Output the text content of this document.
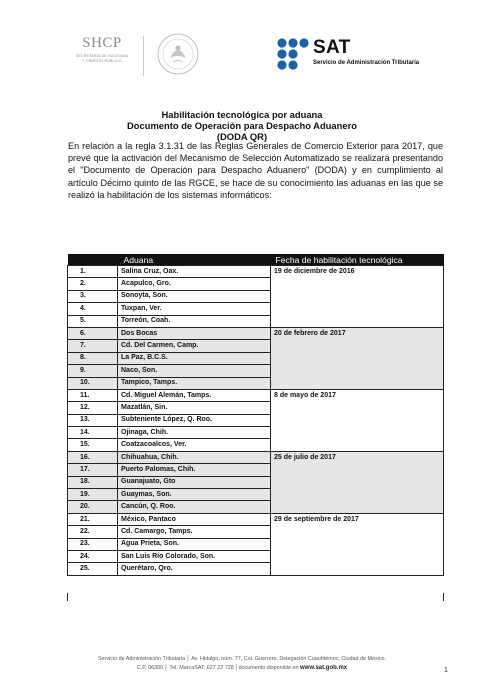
SHCP
SECRETARÍA DE HACIENDA
Y CRÉDITO PÚBLICO
SAT
Servicio de Administración Tributaria
Habilitación tecnológica por aduana
Documento de Operación para Despacho Aduanero
(DODA QR)
En relación a la regla 3.1.31 de las Reglas Generales de Comercio Exterior para 2017, que prevé que la activación del Mecanismo de Selección Automatizado se realizará presentando el "Documento de Operación para Despacho Aduanero" (DODA) y en cumplimiento al artículo Décimo quinto de las RGCE, se hace de su conocimiento las aduanas en las que se realizó la habilitación de los sistemas informáticos:
Aduana		Fecha de habilitación tecnológica
1.	Salina Cruz, Oax.	19 de diciembre de 2016
2.	Acapulco, Gro.	
3.	Sonoyta, Son.	
4.	Tuxpan, Ver.	
5.	Torreón, Coah.	
6.	Dos Bocas	20 de febrero de 2017
7.	Cd. Del Carmen, Camp.	
8.	La Paz, B.C.S.	
9.	Naco, Son.	
10.	Tampico, Tamps.	
11.	Cd. Miguel Alemán, Tamps.	8 de mayo de 2017
12.	Mazatlán, Sin.	
13.	Subteniente López, Q. Roo.	
14.	Ojinaga, Chih.	
15.	Coatzacoalcos, Ver.	
16.	Chihuahua, Chih.	25 de julio de 2017
17.	Puerto Palomas, Chih.	
18.	Guanajuato, Gto	
19.	Guaymas, Son.	
20.	Cancún, Q. Roo.	
21.	México, Pantaco	29 de septiembre de 2017
22.	Cd. Camargo, Tamps.	
23.	Agua Prieta, Son.	
24.	San Luis Río Colorado, Son.	
25.	Querétaro, Qro.	
Servicio de Administración Tributaria │ Av. Hidalgo, núm. 77, Col. Guerrero, Delegación Cuauhtémoc, Ciudad de México,
C.P. 06300 │ Tel. MarcaSAT: 627 22 728 │documento disponible en www.sat.gob.mx	1
